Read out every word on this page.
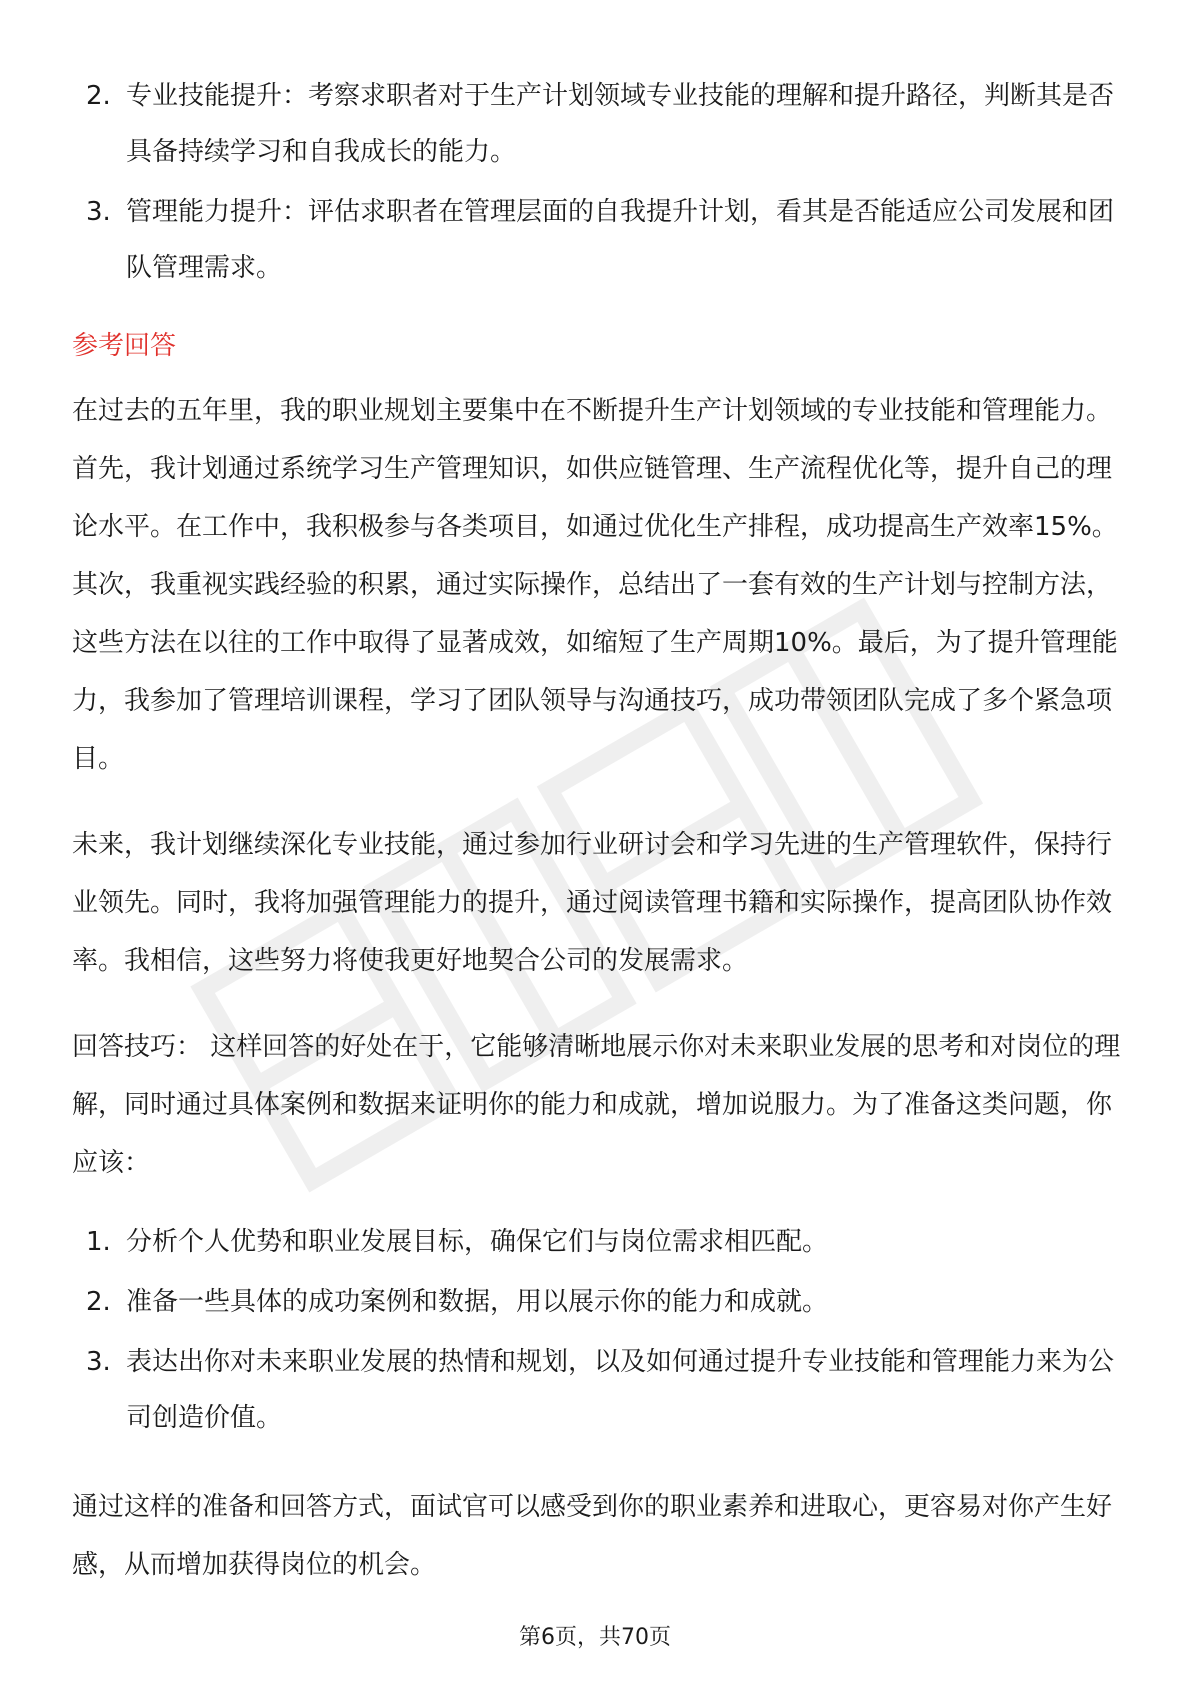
2. 专业技能提升：考察求职者对于生产计划领域专业技能的理解和提升路径，判断其是否具备持续学习和自我成长的能力。
3. 管理能力提升：评估求职者在管理层面的自我提升计划，看其是否能适应公司发展和团队管理需求。
参考回答

在过去的五年里，我的职业规划主要集中在不断提升生产计划领域的专业技能和管理能力。首先，我计划通过系统学习生产管理知识，如供应链管理、生产流程优化等，提升自己的理论水平。在工作中，我积极参与各类项目，如通过优化生产排程，成功提高生产效率15%。其次，我重视实践经验的积累，通过实际操作，总结出了一套有效的生产计划与控制方法，这些方法在以往的工作中取得了显著成效，如缩短了生产周期10%。最后，为了提升管理能力，我参加了管理培训课程，学习了团队领导与沟通技巧，成功带领团队完成了多个紧急项目。

未来，我计划继续深化专业技能，通过参加行业研讨会和学习先进的生产管理软件，保持行业领先。同时，我将加强管理能力的提升，通过阅读管理书籍和实际操作，提高团队协作效率。我相信，这些努力将使我更好地契合公司的发展需求。

回答技巧： 这样回答的好处在于，它能够清晰地展示你对未来职业发展的思考和对岗位的理解，同时通过具体案例和数据来证明你的能力和成就，增加说服力。为了准备这类问题，你应该：

1. 分析个人优势和职业发展目标，确保它们与岗位需求相匹配。
2. 准备一些具体的成功案例和数据，用以展示你的能力和成就。
3. 表达出你对未来职业发展的热情和规划，以及如何通过提升专业技能和管理能力来为公司创造价值。

通过这样的准备和回答方式，面试官可以感受到你的职业素养和进取心，更容易对你产生好感，从而增加获得岗位的机会。

第6页，共70页
